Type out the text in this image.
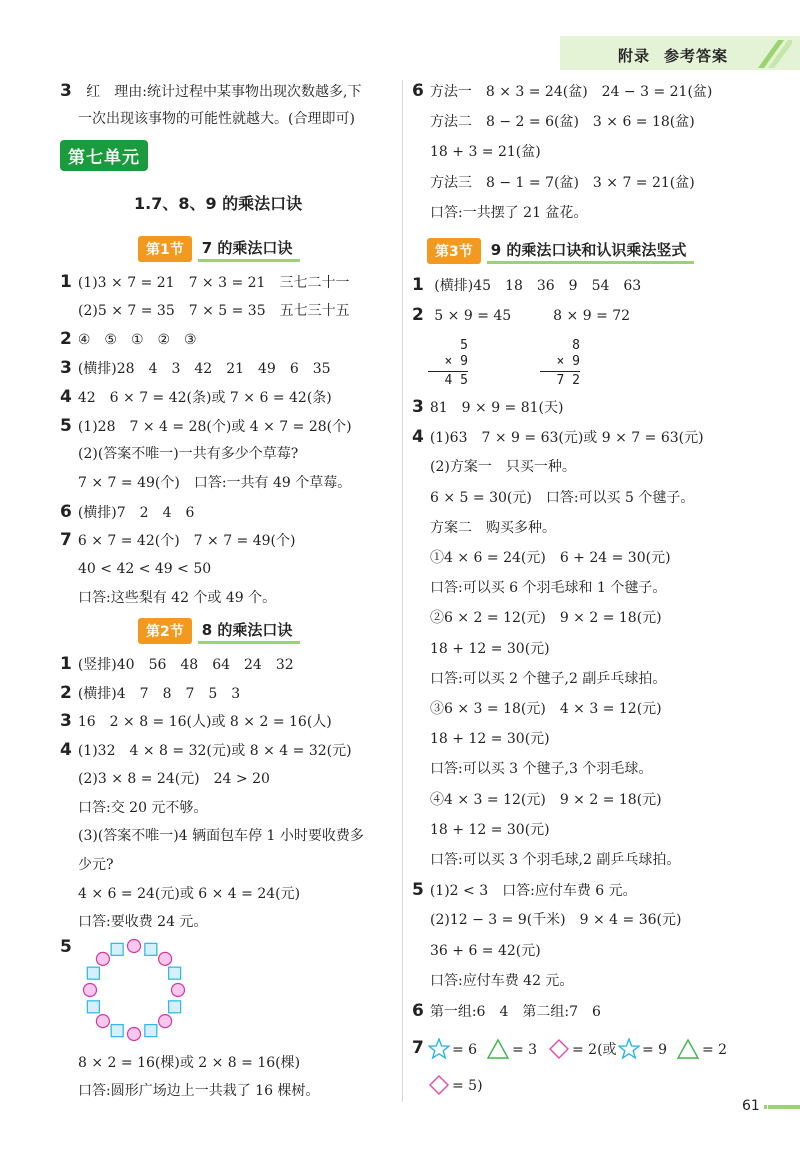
附录 参考答案
3 红　理由:统计过程中某事物出现次数越多,下
一次出现该事物的可能性就越大。(合理即可)
第七单元
1.7、8、9 的乘法口诀
第1节	7 的乘法口诀
1 (1)3 × 7 = 21　7 × 3 = 21　三七二十一
(2)5 × 7 = 35　7 × 5 = 35　五七三十五
2 ④　⑤　①　②　③
3 (横排)28　4　3　42　21　49　6　35
4 42　6 × 7 = 42(条)或 7 × 6 = 42(条)
5 (1)28　7 × 4 = 28(个)或 4 × 7 = 28(个)
(2)(答案不唯一)一共有多少个草莓?
7 × 7 = 49(个)　口答:一共有 49 个草莓。
6 (横排)7　2　4　6
7 6 × 7 = 42(个)　7 × 7 = 49(个)
40 < 42 < 49 < 50
口答:这些梨有 42 个或 49 个。
第2节	8 的乘法口诀
1 (竖排)40　56　48　64　24　32
2 (横排)4　7　8　7　5　3
3 16　2 × 8 = 16(人)或 8 × 2 = 16(人)
4 (1)32　4 × 8 = 32(元)或 8 × 4 = 32(元)
(2)3 × 8 = 24(元)　24 > 20
口答:交 20 元不够。
(3)(答案不唯一)4 辆面包车停 1 小时要收费多
少元?
4 × 6 = 24(元)或 6 × 4 = 24(元)
口答:要收费 24 元。
5
8 × 2 = 16(棵)或 2 × 8 = 16(棵)
口答:圆形广场边上一共栽了 16 棵树。
6 方法一　8 × 3 = 24(盆)　24 − 3 = 21(盆)
方法二　8 − 2 = 6(盆)　3 × 6 = 18(盆)
18 + 3 = 21(盆)
方法三　8 − 1 = 7(盆)　3 × 7 = 21(盆)
口答:一共摆了 21 盆花。
第3节	9 的乘法口诀和认识乘法竖式
1 (横排)45　18　36　9　54　63
2 5 × 9 = 45　　　8 × 9 = 72
5
× 9
4 5
8
× 9
7 2
3 81　9 × 9 = 81(天)
4 (1)63　7 × 9 = 63(元)或 9 × 7 = 63(元)
(2)方案一　只买一种。
6 × 5 = 30(元)　口答:可以买 5 个毽子。
方案二　购买多种。
①4 × 6 = 24(元)　6 + 24 = 30(元)
口答:可以买 6 个羽毛球和 1 个毽子。
②6 × 2 = 12(元)　9 × 2 = 18(元)
18 + 12 = 30(元)
口答:可以买 2 个毽子,2 副乒乓球拍。
③6 × 3 = 18(元)　4 × 3 = 12(元)
18 + 12 = 30(元)
口答:可以买 3 个毽子,3 个羽毛球。
④4 × 3 = 12(元)　9 × 2 = 18(元)
18 + 12 = 30(元)
口答:可以买 3 个羽毛球,2 副乒乓球拍。
5 (1)2 < 3　口答:应付车费 6 元。
(2)12 − 3 = 9(千米)　9 × 4 = 36(元)
36 + 6 = 42(元)
口答:应付车费 42 元。
6 第一组:6　4　第二组:7　6
7 = 6 = 3 = 2(或 = 9 = 2
= 5)
61
